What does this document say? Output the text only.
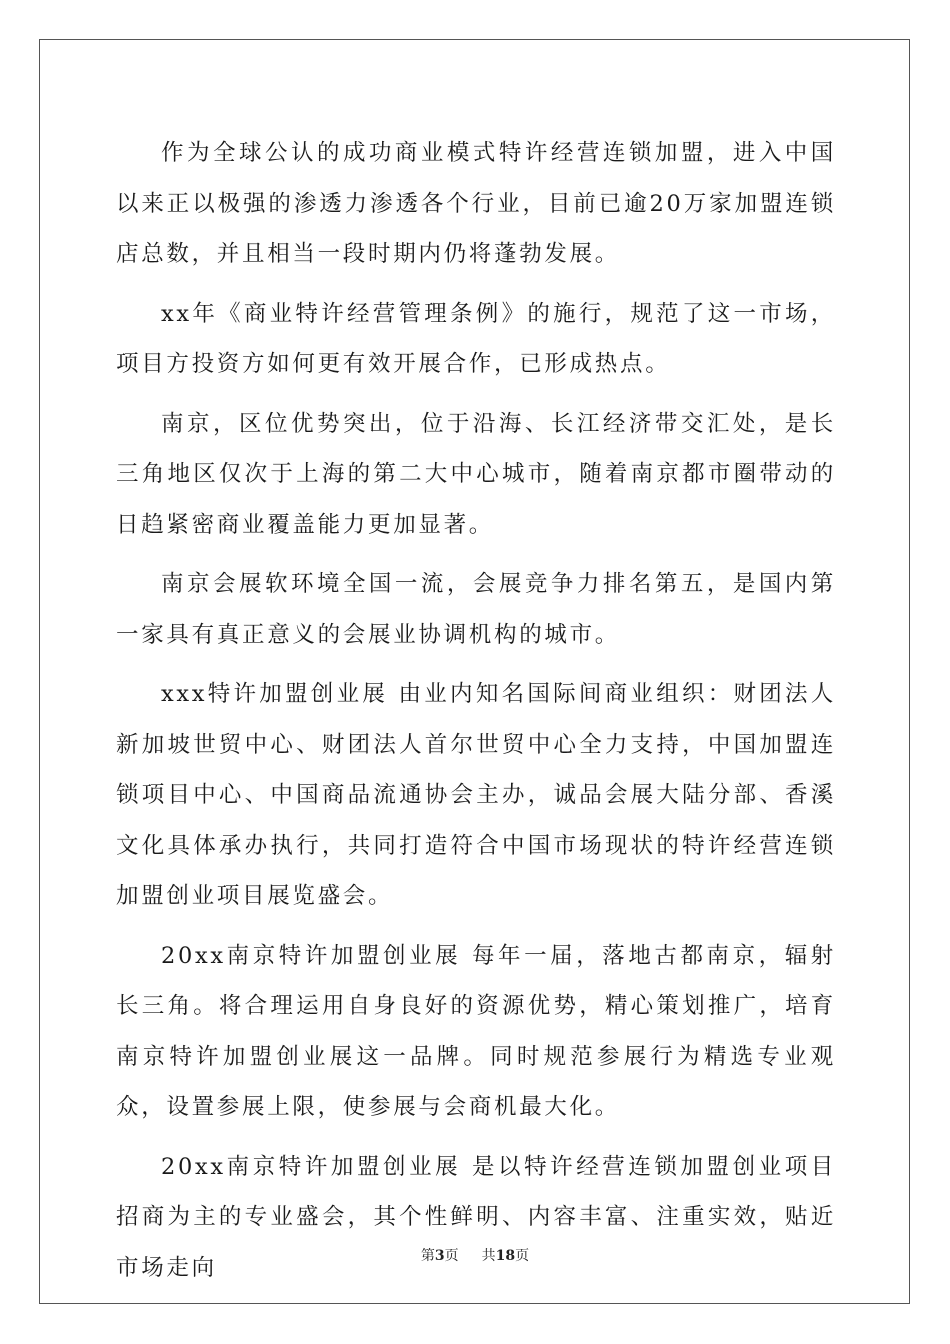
作为全球公认的成功商业模式特许经营连锁加盟，进入中国以来正以极强的渗透力渗透各个行业，目前已逾20万家加盟连锁店总数，并且相当一段时期内仍将蓬勃发展。

xx年《商业特许经营管理条例》的施行，规范了这一市场，项目方投资方如何更有效开展合作，已形成热点。

南京，区位优势突出，位于沿海、长江经济带交汇处，是长三角地区仅次于上海的第二大中心城市，随着南京都市圈带动的日趋紧密商业覆盖能力更加显著。

南京会展软环境全国一流，会展竞争力排名第五，是国内第一家具有真正意义的会展业协调机构的城市。

xxx特许加盟创业展 由业内知名国际间商业组织：财团法人新加坡世贸中心、财团法人首尔世贸中心全力支持，中国加盟连锁项目中心、中国商品流通协会主办，诚品会展大陆分部、香溪文化具体承办执行，共同打造符合中国市场现状的特许经营连锁加盟创业项目展览盛会。

20xx南京特许加盟创业展 每年一届，落地古都南京，辐射长三角。将合理运用自身良好的资源优势，精心策划推广，培育南京特许加盟创业展这一品牌。同时规范参展行为精选专业观众，设置参展上限，使参展与会商机最大化。

20xx南京特许加盟创业展 是以特许经营连锁加盟创业项目招商为主的专业盛会，其个性鲜明、内容丰富、注重实效，贴近市场走向	第3页 共18页
